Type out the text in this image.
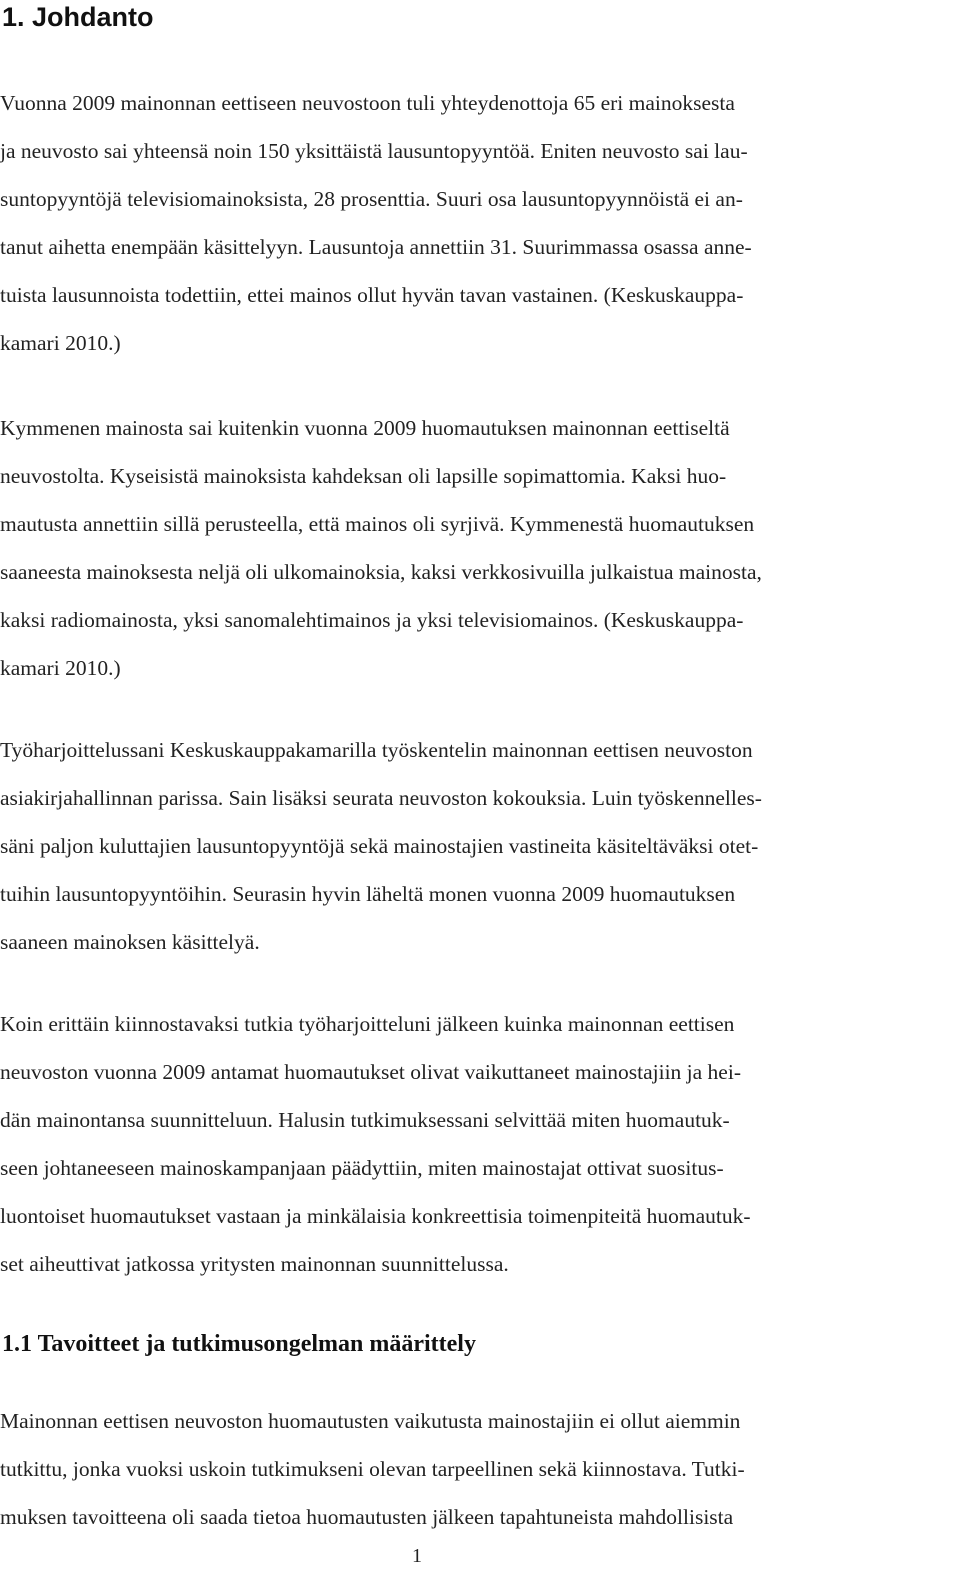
1. Johdanto
Vuonna 2009 mainonnan eettiseen neuvostoon tuli yhteydenottoja 65 eri mainoksesta
ja neuvosto sai yhteensä noin 150 yksittäistä lausuntopyyntöä. Eniten neuvosto sai lau-
suntopyyntöjä televisiomainoksista, 28 prosenttia. Suuri osa lausuntopyynnöistä ei an-
tanut aihetta enempään käsittelyyn. Lausuntoja annettiin 31. Suurimmassa osassa anne-
tuista lausunnoista todettiin, ettei mainos ollut hyvän tavan vastainen. (Keskuskauppa-
kamari 2010.)
Kymmenen mainosta sai kuitenkin vuonna 2009 huomautuksen mainonnan eettiseltä
neuvostolta. Kyseisistä mainoksista kahdeksan oli lapsille sopimattomia. Kaksi huo-
mautusta annettiin sillä perusteella, että mainos oli syrjivä. Kymmenestä huomautuksen
saaneesta mainoksesta neljä oli ulkomainoksia, kaksi verkkosivuilla julkaistua mainosta,
kaksi radiomainosta, yksi sanomalehtimainos ja yksi televisiomainos. (Keskuskauppa-
kamari 2010.)
Työharjoittelussani Keskuskauppakamarilla työskentelin mainonnan eettisen neuvoston
asiakirjahallinnan parissa. Sain lisäksi seurata neuvoston kokouksia. Luin työskennelles-
säni paljon kuluttajien lausuntopyyntöjä sekä mainostajien vastineita käsiteltäväksi otet-
tuihin lausuntopyyntöihin. Seurasin hyvin läheltä monen vuonna 2009 huomautuksen
saaneen mainoksen käsittelyä.
Koin erittäin kiinnostavaksi tutkia työharjoitteluni jälkeen kuinka mainonnan eettisen
neuvoston vuonna 2009 antamat huomautukset olivat vaikuttaneet mainostajiin ja hei-
dän mainontansa suunnitteluun. Halusin tutkimuksessani selvittää miten huomautuk-
seen johtaneeseen mainoskampanjaan päädyttiin, miten mainostajat ottivat suositus-
luontoiset huomautukset vastaan ja minkälaisia konkreettisia toimenpiteitä huomautuk-
set aiheuttivat jatkossa yritysten mainonnan suunnittelussa.
1.1 Tavoitteet ja tutkimusongelman määrittely
Mainonnan eettisen neuvoston huomautusten vaikutusta mainostajiin ei ollut aiemmin
tutkittu, jonka vuoksi uskoin tutkimukseni olevan tarpeellinen sekä kiinnostava. Tutki-
muksen tavoitteena oli saada tietoa huomautusten jälkeen tapahtuneista mahdollisista
1
